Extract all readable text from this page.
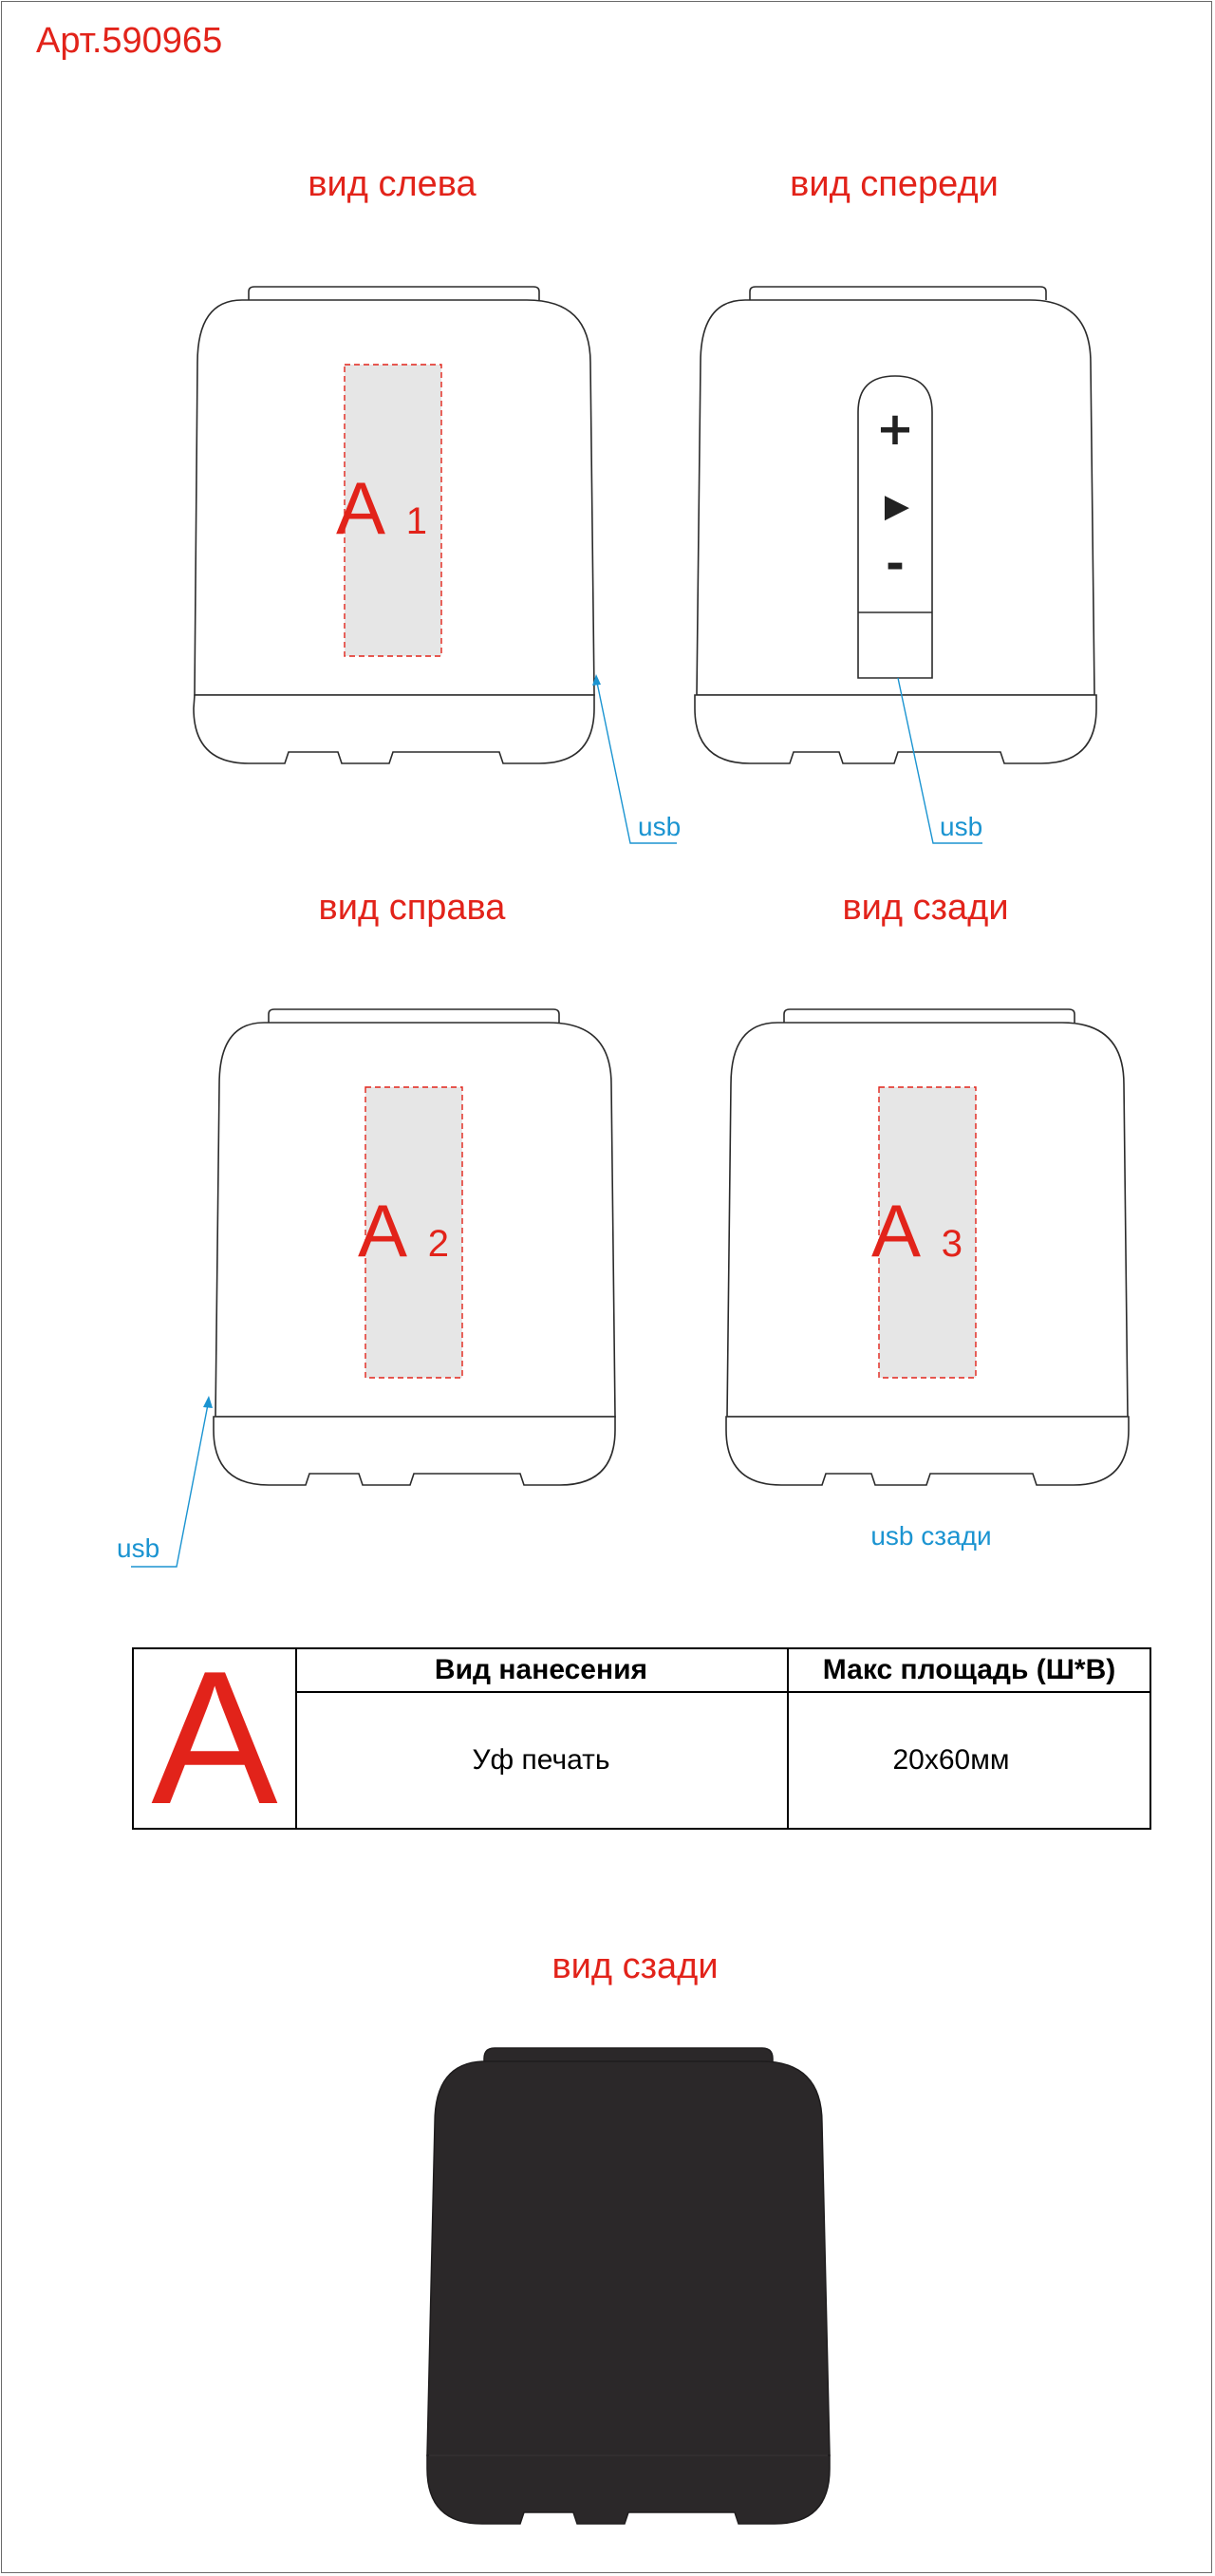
Арт.590965
вид слева	вид спереди
вид справа	вид сзади
вид сзади
А 1
usb
+
▶
-
usb
А 2
usb
А 3
usb сзади
А	Вид нанесения	Макс площадь (Ш*В)
Уф печать	20х60мм
